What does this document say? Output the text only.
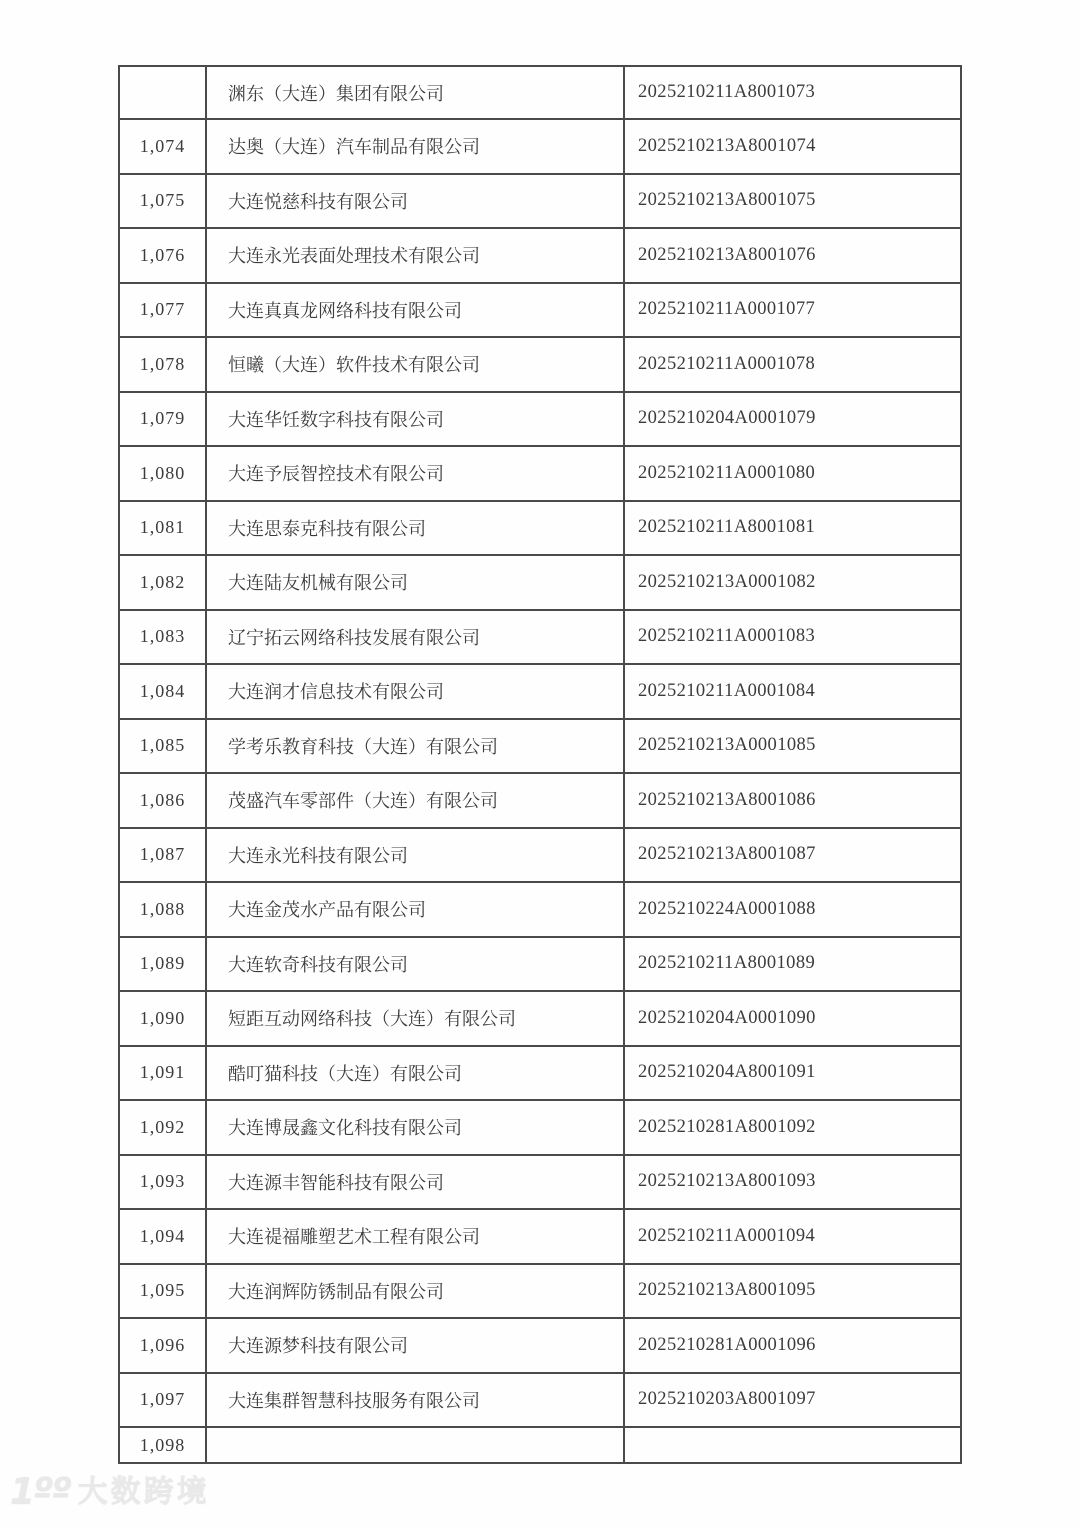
	渊东（大连）集团有限公司	2025210211A8001073
1,074	达奥（大连）汽车制品有限公司	2025210213A8001074
1,075	大连悦慈科技有限公司	2025210213A8001075
1,076	大连永光表面处理技术有限公司	2025210213A8001076
1,077	大连真真龙网络科技有限公司	2025210211A0001077
1,078	恒曦（大连）软件技术有限公司	2025210211A0001078
1,079	大连华饪数字科技有限公司	2025210204A0001079
1,080	大连予辰智控技术有限公司	2025210211A0001080
1,081	大连思泰克科技有限公司	2025210211A8001081
1,082	大连陆友机械有限公司	2025210213A0001082
1,083	辽宁拓云网络科技发展有限公司	2025210211A0001083
1,084	大连润才信息技术有限公司	2025210211A0001084
1,085	学考乐教育科技（大连）有限公司	2025210213A0001085
1,086	茂盛汽车零部件（大连）有限公司	2025210213A8001086
1,087	大连永光科技有限公司	2025210213A8001087
1,088	大连金茂水产品有限公司	2025210224A0001088
1,089	大连软奇科技有限公司	2025210211A8001089
1,090	短距互动网络科技（大连）有限公司	2025210204A0001090
1,091	酷叮猫科技（大连）有限公司	2025210204A8001091
1,092	大连博晟鑫文化科技有限公司	2025210281A8001092
1,093	大连源丰智能科技有限公司	2025210213A8001093
1,094	大连禔福雕塑艺术工程有限公司	2025210211A0001094
1,095	大连润辉防锈制品有限公司	2025210213A8001095
1,096	大连源梦科技有限公司	2025210281A0001096
1,097	大连集群智慧科技服务有限公司	2025210203A8001097
1,098		
1ºº 大数跨境
